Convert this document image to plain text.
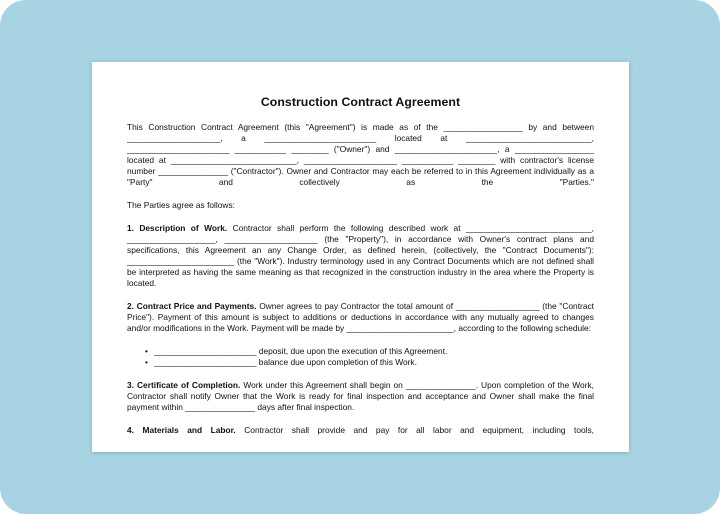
Construction Contract Agreement
This Construction Contract Agreement (this "Agreement") is made as of the _________________ by and between ____________________, a ________________________ located at ___________________________, ______________________ ___________ ________ ("Owner") and ______________________, a _________________ located at ___________________________, ____________________ ___________ ________ with contractor's license number _______________ ("Contractor"). Owner and Contractor may each be referred to in this Agreement individually as a "Party" and collectively as the "Parties."
The Parties agree as follows:
1. Description of Work. Contractor shall perform the following described work at ___________________________, ___________________, ____________________ (the "Property"), in accordance with Owner's contract plans and specifications, this Agreement an any Change Order, as defined herein, (collectively, the "Contract Documents"): _______________________ (the "Work"). Industry terminology used in any Contract Documents which are not defined shall be interpreted as having the same meaning as that recognized in the construction industry in the area where the Property is located.
2. Contract Price and Payments. Owner agrees to pay Contractor the total amount of __________________ (the "Contract Price"). Payment of this amount is subject to additions or deductions in accordance with any mutually agreed to changes and/or modifications in the Work. Payment will be made by _______________________, according to the following schedule:
• ______________________ deposit, due upon the execution of this Agreement.
• ______________________ balance due upon completion of this Work.
3. Certificate of Completion. Work under this Agreement shall begin on _______________. Upon completion of the Work, Contractor shall notify Owner that the Work is ready for final inspection and acceptance and Owner shall make the final payment within _______________ days after final inspection.
4. Materials and Labor. Contractor shall provide and pay for all labor and equipment, including tools,
